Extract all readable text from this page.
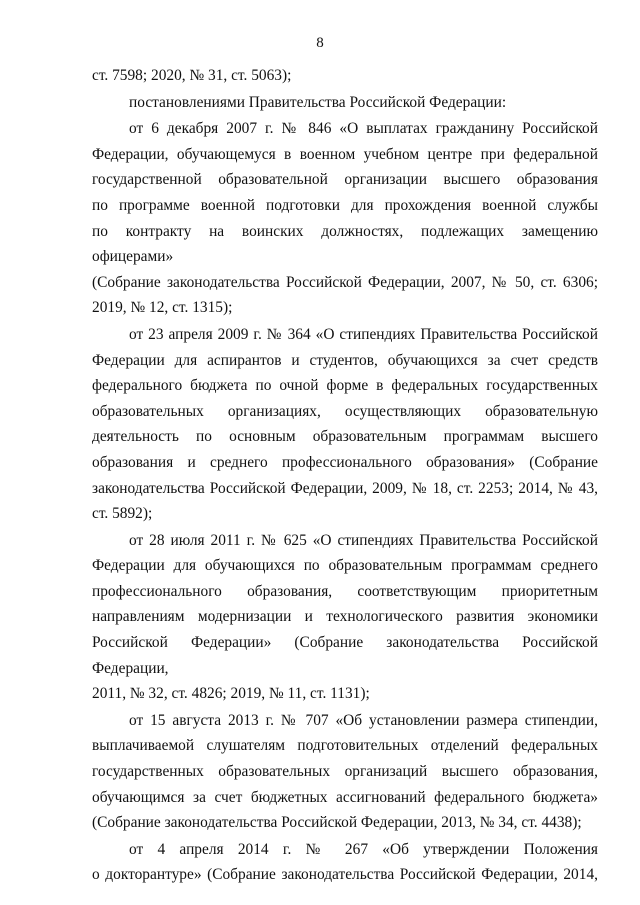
8
ст. 7598; 2020, № 31, ст. 5063);
постановлениями Правительства Российской Федерации:
от 6 декабря 2007 г. № 846 «О выплатах гражданину Российской
Федерации, обучающемуся в военном учебном центре при федеральной
государственной образовательной организации высшего образования
по программе военной подготовки для прохождения военной службы
по контракту на воинских должностях, подлежащих замещению офицерами»
(Собрание законодательства Российской Федерации, 2007, № 50, ст. 6306;
2019, № 12, ст. 1315);
от 23 апреля 2009 г. № 364 «О стипендиях Правительства Российской
Федерации для аспирантов и студентов, обучающихся за счет средств
федерального бюджета по очной форме в федеральных государственных
образовательных организациях, осуществляющих образовательную
деятельность по основным образовательным программам высшего
образования и среднего профессионального образования» (Собрание
законодательства Российской Федерации, 2009, № 18, ст. 2253; 2014, № 43,
ст. 5892);
от 28 июля 2011 г. № 625 «О стипендиях Правительства Российской
Федерации для обучающихся по образовательным программам среднего
профессионального образования, соответствующим приоритетным
направлениям модернизации и технологического развития экономики
Российской Федерации» (Собрание законодательства Российской Федерации,
2011, № 32, ст. 4826; 2019, № 11, ст. 1131);
от 15 августа 2013 г. № 707 «Об установлении размера стипендии,
выплачиваемой слушателям подготовительных отделений федеральных
государственных образовательных организаций высшего образования,
обучающимся за счет бюджетных ассигнований федерального бюджета»
(Собрание законодательства Российской Федерации, 2013, № 34, ст. 4438);
от 4 апреля 2014 г. № 267 «Об утверждении Положения
о докторантуре» (Собрание законодательства Российской Федерации, 2014,
